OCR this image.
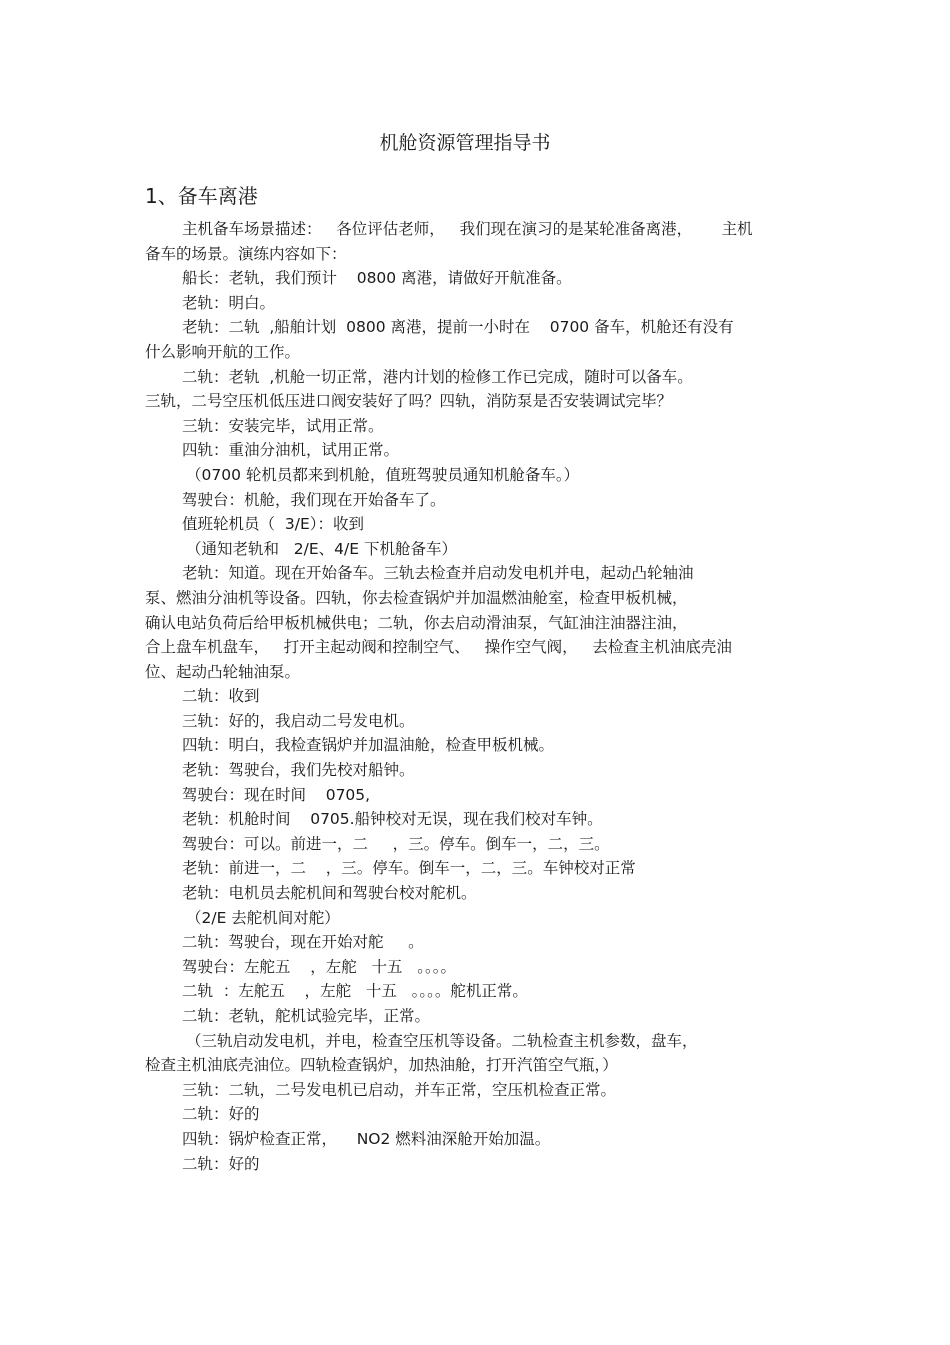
机舱资源管理指导书
1、备车离港
主机备车场景描述：   各位评估老师，   我们现在演习的是某轮准备离港，      主机
备车的场景。演练内容如下：
船长：老轨，我们预计    0800 离港，请做好开航准备。
老轨：明白。
老轨：二轨  ,船舶计划  0800 离港，提前一小时在    0700 备车，机舱还有没有
什么影响开航的工作。
二轨：老轨  ,机舱一切正常，港内计划的检修工作已完成，随时可以备车。
三轨，二号空压机低压进口阀安装好了吗？四轨，消防泵是否安装调试完毕？
三轨：安装完毕，试用正常。
四轨：重油分油机，试用正常。
（0700 轮机员都来到机舱，值班驾驶员通知机舱备车。）
驾驶台：机舱，我们现在开始备车了。
值班轮机员（  3/E）：收到
（通知老轨和   2/E、4/E 下机舱备车）
老轨：知道。现在开始备车。三轨去检查并启动发电机并电，起动凸轮轴油
泵、燃油分油机等设备。四轨，你去检查锅炉并加温燃油舱室，检查甲板机械，
确认电站负荷后给甲板机械供电；二轨，你去启动滑油泵，气缸油注油器注油，
合上盘车机盘车，   打开主起动阀和控制空气、   操作空气阀，   去检查主机油底壳油
位、起动凸轮轴油泵。
二轨：收到
三轨：好的，我启动二号发电机。
四轨：明白，我检查锅炉并加温油舱，检查甲板机械。
老轨：驾驶台，我们先校对船钟。
驾驶台：现在时间    0705,
老轨：机舱时间    0705.船钟校对无误，现在我们校对车钟。
驾驶台：可以。前进一，二     ，三。停车。倒车一，二，三。
老轨：前进一，二    ，三。停车。倒车一，二，三。车钟校对正常
老轨：电机员去舵机间和驾驶台校对舵机。
（2/E 去舵机间对舵）
二轨：驾驶台，现在开始对舵     。
驾驶台：左舵五    ，左舵   十五   。。。。
二轨  ：左舵五    ，左舵   十五   。。。。舵机正常。
二轨：老轨，舵机试验完毕，正常。
（三轨启动发电机，并电，检查空压机等设备。二轨检查主机参数，盘车，
检查主机油底壳油位。四轨检查锅炉，加热油舱，打开汽笛空气瓶，）
三轨：二轨，二号发电机已启动，并车正常，空压机检查正常。
二轨：好的
四轨：锅炉检查正常，    NO2 燃料油深舱开始加温。
二轨：好的
